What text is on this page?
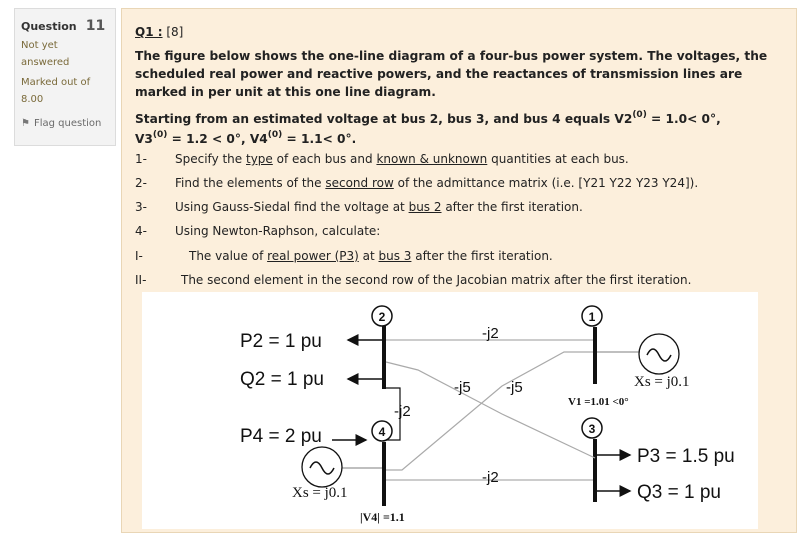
Question 11
Not yet answered
Marked out of 8.00
⚑ Flag question
Q1 : [8]
The figure below shows the one-line diagram of a four-bus power system. The voltages, the scheduled real power and reactive powers, and the reactances of transmission lines are marked in per unit at this one line diagram.
Starting from an estimated voltage at bus 2, bus 3, and bus 4 equals $V2^{(0)} = 1.0< 0^\circ$,
$V3^{(0)} = 1.2 < 0^\circ$, $V4^{(0)} = 1.1< 0^\circ$.
1- Specify the type of each bus and known & unknown quantities at each bus.
2- Find the elements of the second row of the admittance matrix (i.e. [Y21 Y22 Y23 Y24]).
3- Using Gauss-Siedal find the voltage at bus 2 after the first iteration.
4- Using Newton-Raphson, calculate:
I-	The value of real power (P3) at bus 3 after the first iteration.
II-	The second element in the second row of the Jacobian matrix after the first iteration.
2	1
4	3
-j2
-j2
-j5 -j5
-j2
P2 = 1 pu
Q2 = 1 pu
P4 = 2 pu
P3 = 1.5 pu
Q3 = 1 pu
Xs = j0.1
V1 =1.01 <0°
Xs = j0.1
|V4| =1.1
